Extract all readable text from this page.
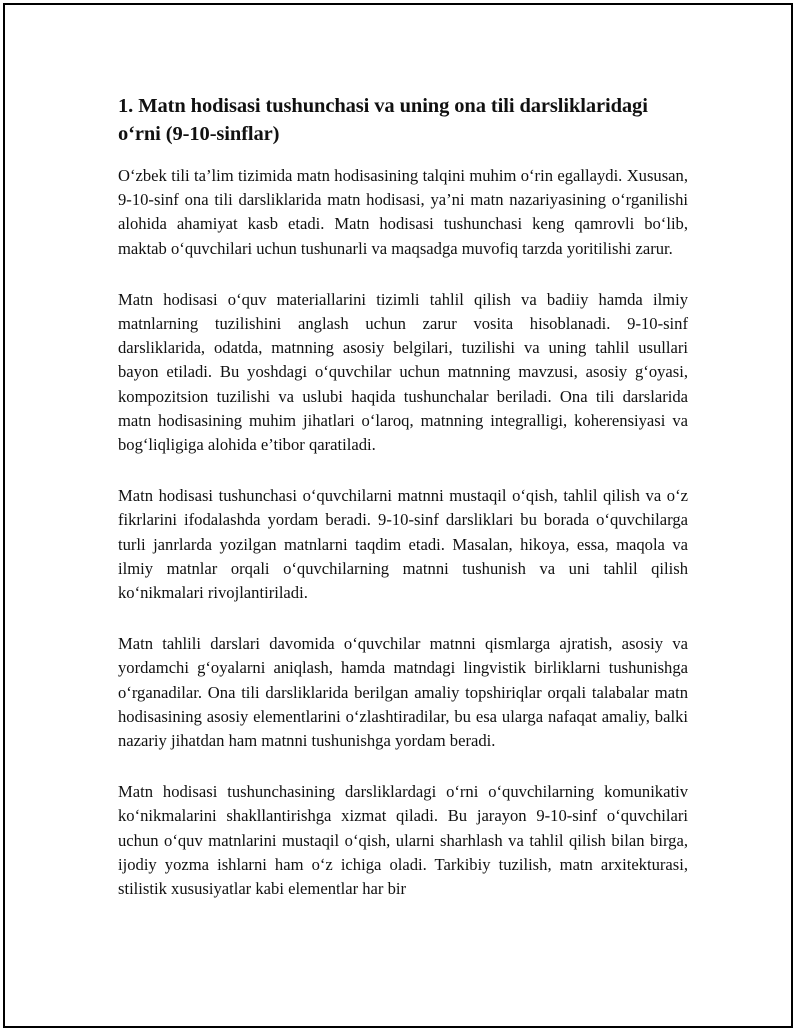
1. Matn hodisasi tushunchasi va uning ona tili darsliklaridagi o‘rni (9-10-sinflar)

O‘zbek tili ta’lim tizimida matn hodisasining talqini muhim o‘rin egallaydi. Xususan, 9-10-sinf ona tili darsliklarida matn hodisasi, ya’ni matn nazariyasining o‘rganilishi alohida ahamiyat kasb etadi. Matn hodisasi tushunchasi keng qamrovli bo‘lib, maktab o‘quvchilari uchun tushunarli va maqsadga muvofiq tarzda yoritilishi zarur.

Matn hodisasi o‘quv materiallarini tizimli tahlil qilish va badiiy hamda ilmiy matnlarning tuzilishini anglash uchun zarur vosita hisoblanadi. 9-10-sinf darsliklarida, odatda, matnning asosiy belgilari, tuzilishi va uning tahlil usullari bayon etiladi. Bu yoshdagi o‘quvchilar uchun matnning mavzusi, asosiy g‘oyasi, kompozitsion tuzilishi va uslubi haqida tushunchalar beriladi. Ona tili darslarida matn hodisasining muhim jihatlari o‘laroq, matnning integralligi, koherensiyasi va bog‘liqligiga alohida e’tibor qaratiladi.

Matn hodisasi tushunchasi o‘quvchilarni matnni mustaqil o‘qish, tahlil qilish va o‘z fikrlarini ifodalashda yordam beradi. 9-10-sinf darsliklari bu borada o‘quvchilarga turli janrlarda yozilgan matnlarni taqdim etadi. Masalan, hikoya, essa, maqola va ilmiy matnlar orqali o‘quvchilarning matnni tushunish va uni tahlil qilish ko‘nikmalari rivojlantiriladi.

Matn tahlili darslari davomida o‘quvchilar matnni qismlarga ajratish, asosiy va yordamchi g‘oyalarni aniqlash, hamda matndagi lingvistik birliklarni tushunishga o‘rganadilar. Ona tili darsliklarida berilgan amaliy topshiriqlar orqali talabalar matn hodisasining asosiy elementlarini o‘zlashtiradilar, bu esa ularga nafaqat amaliy, balki nazariy jihatdan ham matnni tushunishga yordam beradi.

Matn hodisasi tushunchasining darsliklardagi o‘rni o‘quvchilarning komunikativ ko‘nikmalarini shakllantirishga xizmat qiladi. Bu jarayon 9-10-sinf o‘quvchilari uchun o‘quv matnlarini mustaqil o‘qish, ularni sharhlash va tahlil qilish bilan birga, ijodiy yozma ishlarni ham o‘z ichiga oladi. Tarkibiy tuzilish, matn arxitekturasi, stilistik xususiyatlar kabi elementlar har bir
